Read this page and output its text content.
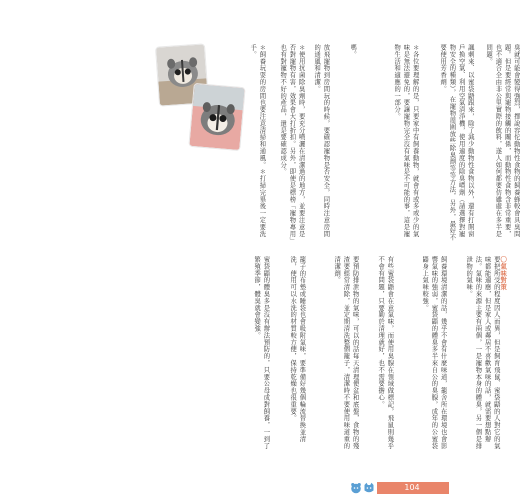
臭就可能會變得強烈，擇說容佗動物性食物的飼養蜂較會具臭問題。但是要經常與寵物接觸的關係，而動物性食物含非常重要，也不適合全由非公里實際的飲料，遂人如何都要仿雖處在多半是問題。
諷刺來、以蜜袋鼯跟來，除了減少動物性食物以外，還有打開窗戶換空氣、利用空氣清淨機，使用適度的除臭噴劑（請選擇對寵物安全的種類），在寵物周圍放些除臭劑等等方法，另外，最好不要使用芳香劑。
＊各位要理解的是，只要家中有飼養動物，就會有或多或少的氣味是無法避免的，要讓寵物完全沒有氣味是不可能的事，這是寵物生活和適應的一部分。
〇氣味對策
要把所受的程度因人而異，但是飼育飛鼠、蜜袋鼯的人對它的氣味都能適應，但是家人或鄰居不喜歡氣味的話，就需要想點辦法。氣味的來源主要有兩個，一是寵物本身的體臭，另一個是排泄物的氣味。
飼養環境清潔的話，幾乎不會有什麼味道，籠舍所在環境也會影響氣味的強弱，蜜袋鼯的體臭多半來自公的臭腺，成年的公蜜袋鼯身上氣味較強。
有些蜜袋鼯會在意氣味，而使用臭腺在領域做標記，飛鼠則幾乎不會有問題，只要勤於清理就好，也不需要擔心。
要預防排泄物的氣味，可以的話每天清理便盆和底盤，食物的殘渣要經常清除，並定期清洗整個籠子，清潔時不要使用味道重的清潔劑。
籠子的布墊或睡袋也會吸附氣味，要準備好幾個輪流替換並清洗，使用可以水洗的材質較方便，保持乾燥也很重要。
蜜袋鼯的體臭多是沒有辦法預防的，只要公母成對飼養，一到了繁殖季節，體臭就會變強。
放飛寵物到房間玩的時候，要確認寵物是否安全，同時注意房間的通風和清潔。
＊使用抗菌除臭劑時，要充分噴灑在清潔過的地方，並要注意是否對寵物有害，效果會大打折扣。另外，即使是標榜「寵物專用」也有對寵物不好的產品，還是要確認成分。
＊飼養玩耍的房間也要注意清掃和通風。＊打掃完畢後一定要洗手。	嗎。
104
